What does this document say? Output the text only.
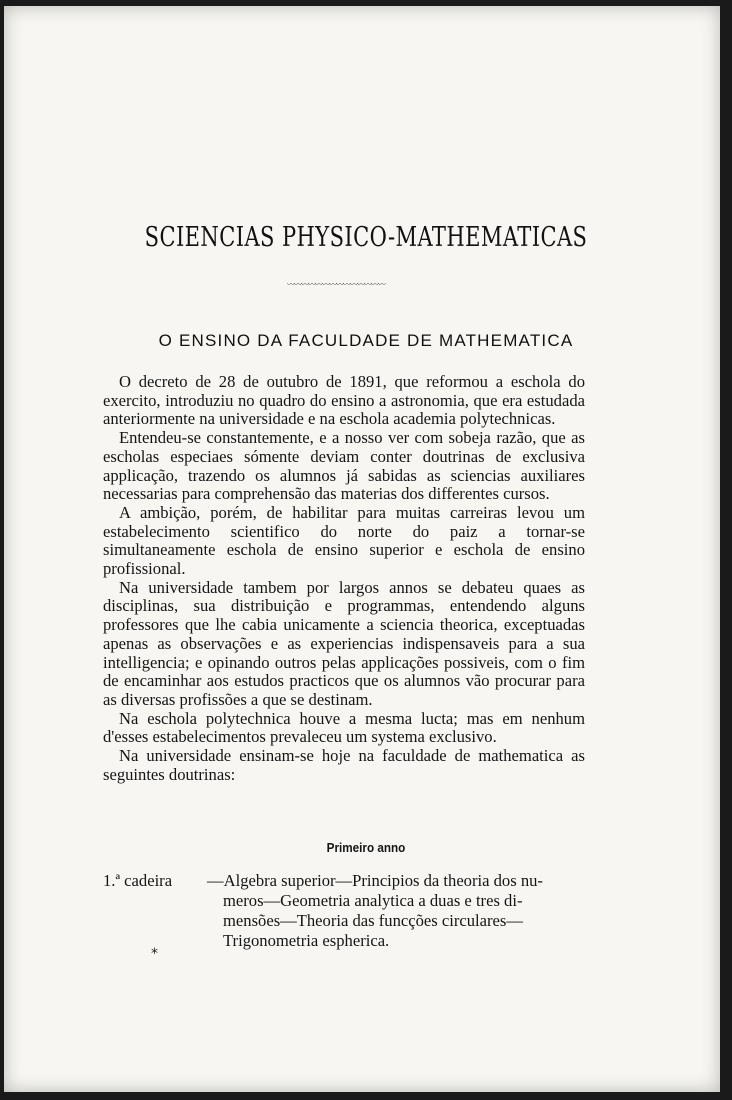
SCIENCIAS PHYSICO-MATHEMATICAS
〰〰〰〰〰〰〰〰〰〰〰〰〰〰
O ENSINO DA FACULDADE DE MATHEMATICA

O decreto de 28 de outubro de 1891, que reformou a eschola do exercito, introduziu no quadro do ensino a astronomia, que era estudada anteriormente na universidade e na eschola academia polytechnicas.

Entendeu-se constantemente, e a nosso ver com sobeja razão, que as escholas especiaes sómente deviam conter doutrinas de exclusiva applicação, trazendo os alumnos já sabidas as sciencias auxiliares necessarias para comprehensão das materias dos differentes cursos.

A ambição, porém, de habilitar para muitas carreiras levou um estabelecimento scientifico do norte do paiz a tornar-se simultaneamente eschola de ensino superior e eschola de ensino profissional.

Na universidade tambem por largos annos se debateu quaes as disciplinas, sua distribuição e programmas, entendendo alguns professores que lhe cabia unicamente a sciencia theorica, exceptuadas apenas as observações e as experiencias indispensaveis para a sua intelligencia; e opinando outros pelas applicações possiveis, com o fim de encaminhar aos estudos practicos que os alumnos vão procurar para as diversas profissões a que se destinam.

Na eschola polytechnica houve a mesma lucta; mas em nenhum d'esses estabelecimentos prevaleceu um systema exclusivo.

Na universidade ensinam-se hoje na faculdade de mathematica as seguintes doutrinas:

Primeiro anno
1.ª cadeira —Algebra superior—Principios da theoria dos nu-
meros—Geometria analytica a duas e tres di-
mensões—Theoria das funcções circulares—
Trigonometria espherica.
*
